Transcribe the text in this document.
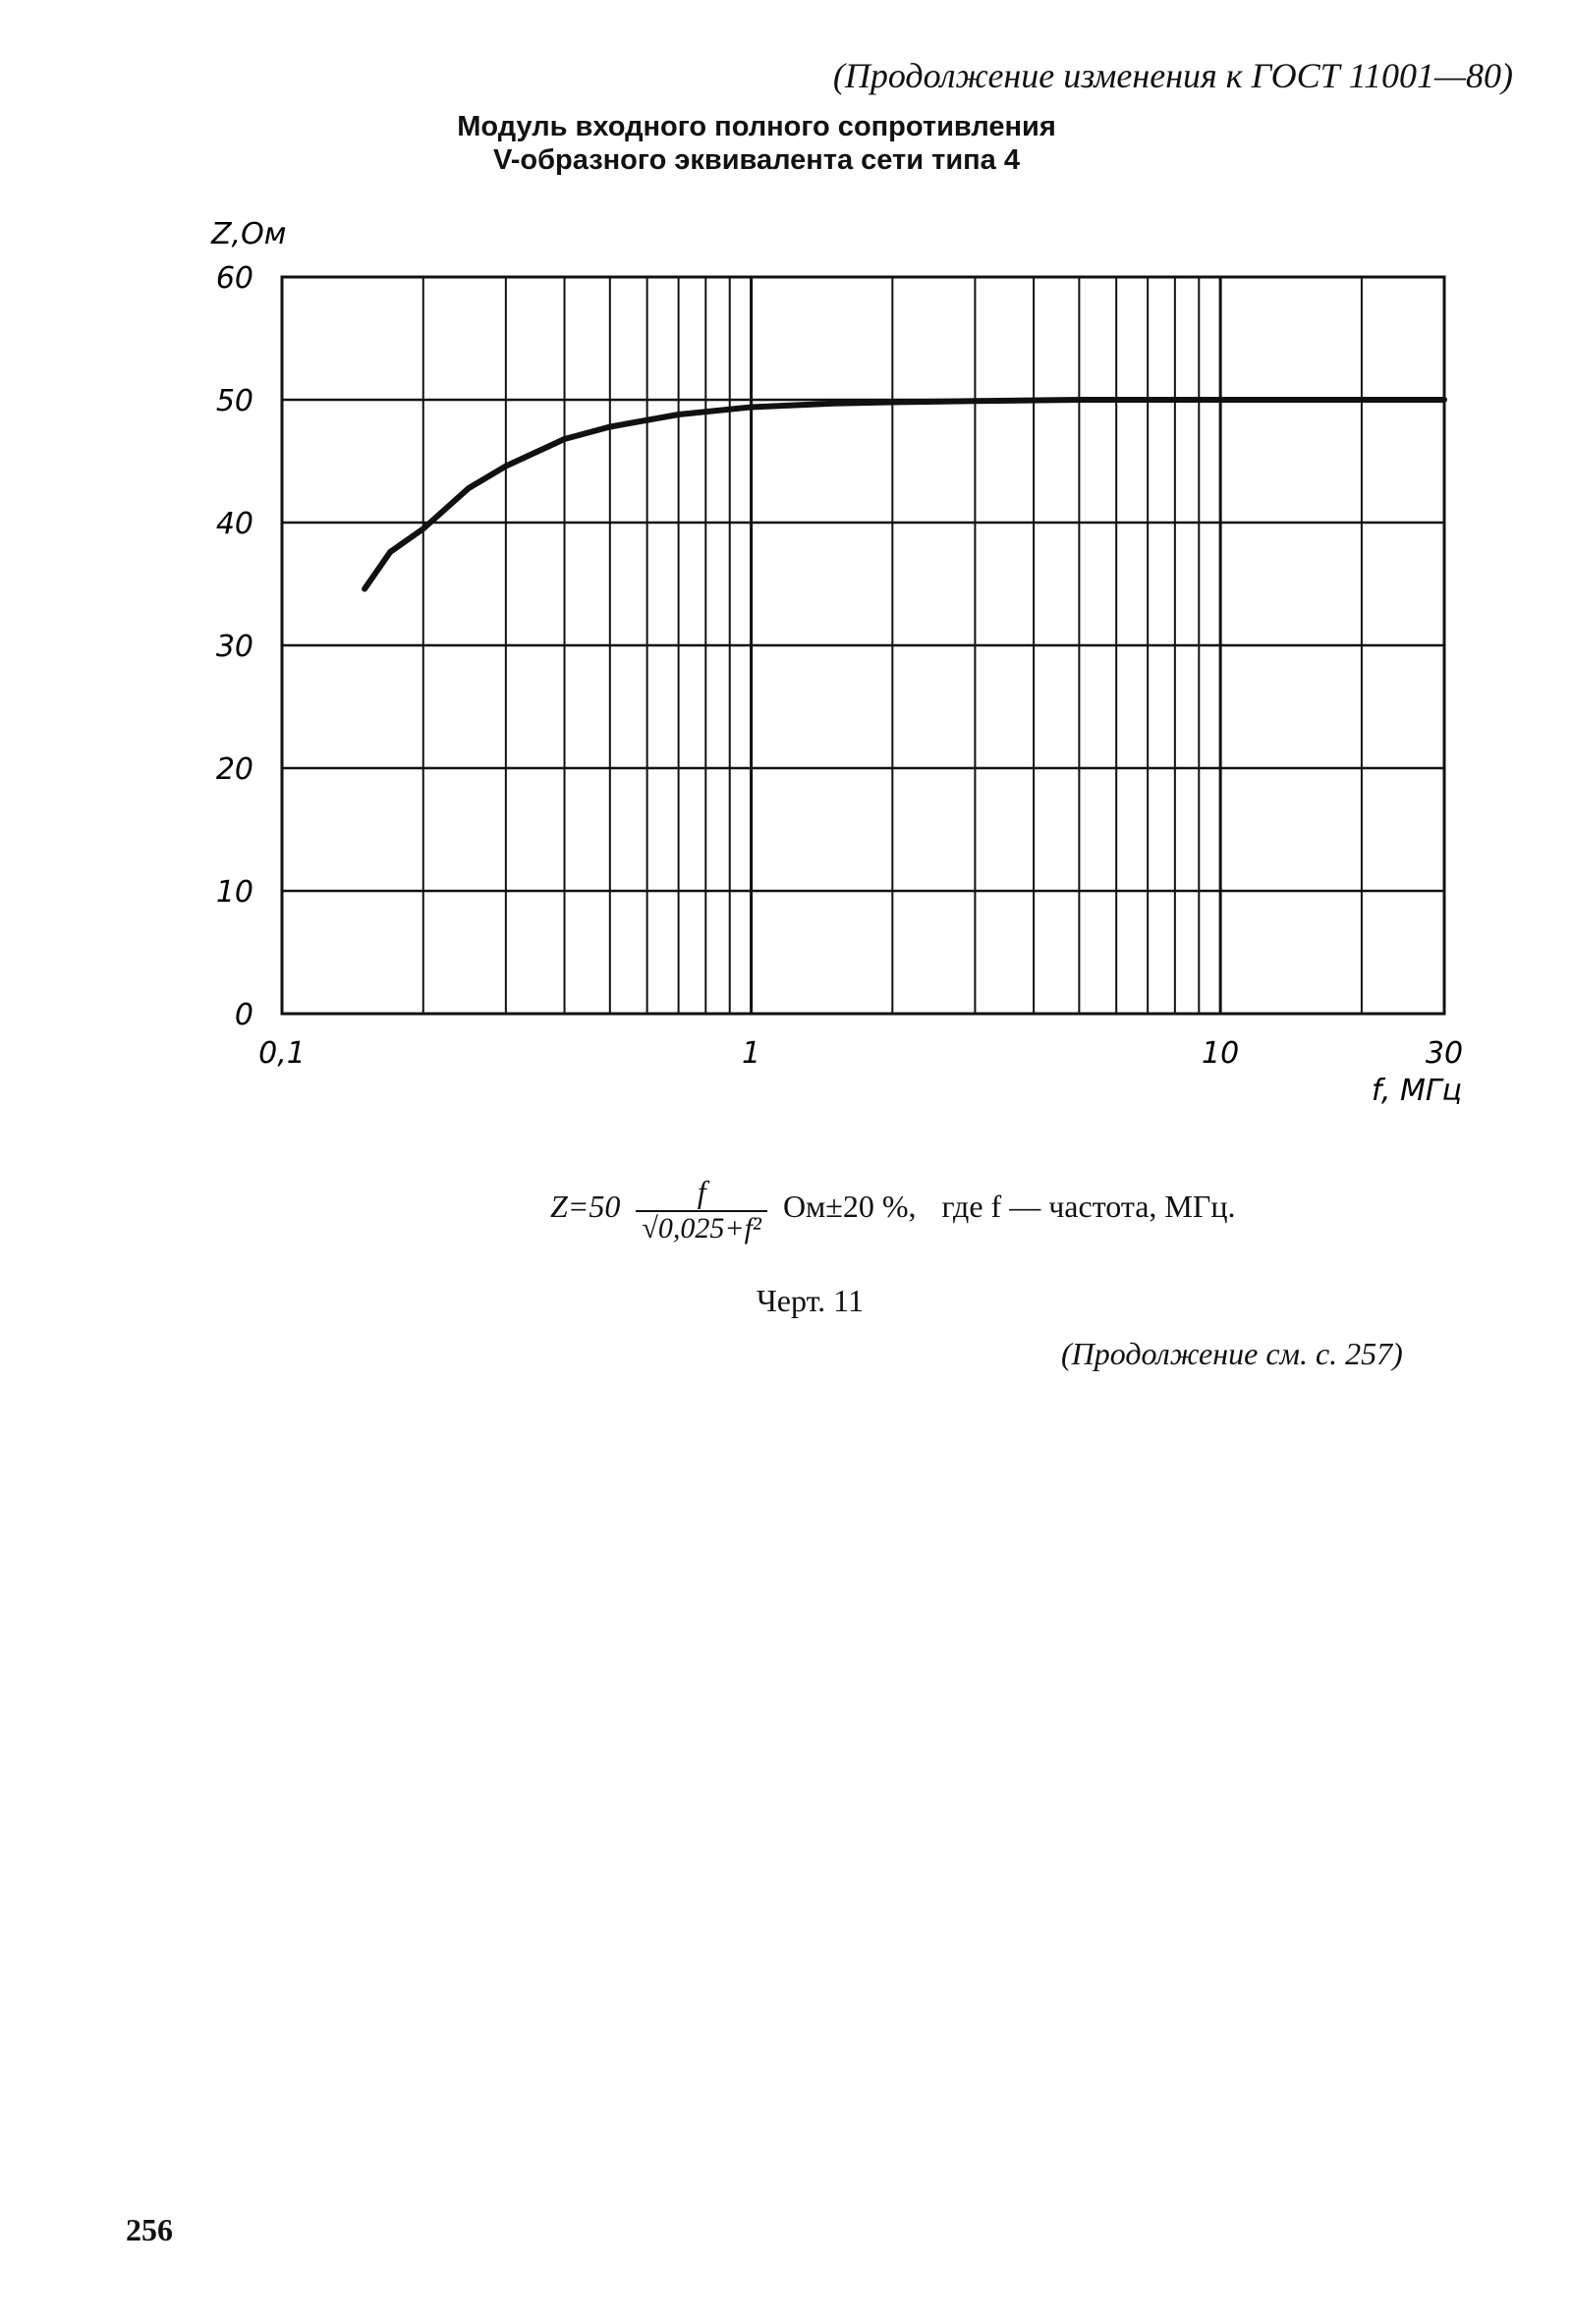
(Продолжение изменения к ГОСТ 11001—80)
Модуль входного полного сопротивления
V-образного эквивалента сети типа 4
0
10
20
30
40
50
60
0,1	1	10	30
Z,Ом
f, МГц
$Z=50 \frac{f}{\text{√0,025+f²}} Ом\pm 20$ %, где f — частота, МГц.
Черт. 11
(Продолжение см. с. 257)
256
